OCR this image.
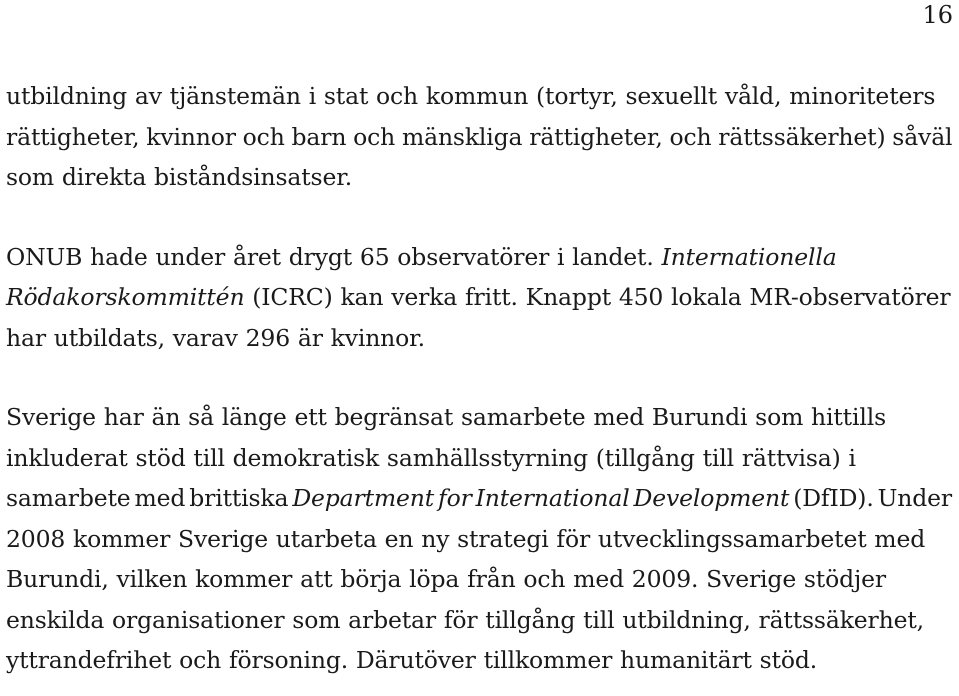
16

utbildning av tjänstemän i stat och kommun (tortyr, sexuellt våld, minoriteters
rättigheter, kvinnor och barn och mänskliga rättigheter, och rättssäkerhet) såväl
som direkta biståndsinsatser.

ONUB hade under året drygt 65 observatörer i landet. Internationella
Rödakorskommittén (ICRC) kan verka fritt. Knappt 450 lokala MR-observatörer
har utbildats, varav 296 är kvinnor.

Sverige har än så länge ett begränsat samarbete med Burundi som hittills
inkluderat stöd till demokratisk samhällsstyrning (tillgång till rättvisa) i
samarbete med brittiska Department for International Development (DfID). Under
2008 kommer Sverige utarbeta en ny strategi för utvecklingssamarbetet med
Burundi, vilken kommer att börja löpa från och med 2009. Sverige stödjer
enskilda organisationer som arbetar för tillgång till utbildning, rättssäkerhet,
yttrandefrihet och försoning. Därutöver tillkommer humanitärt stöd.
